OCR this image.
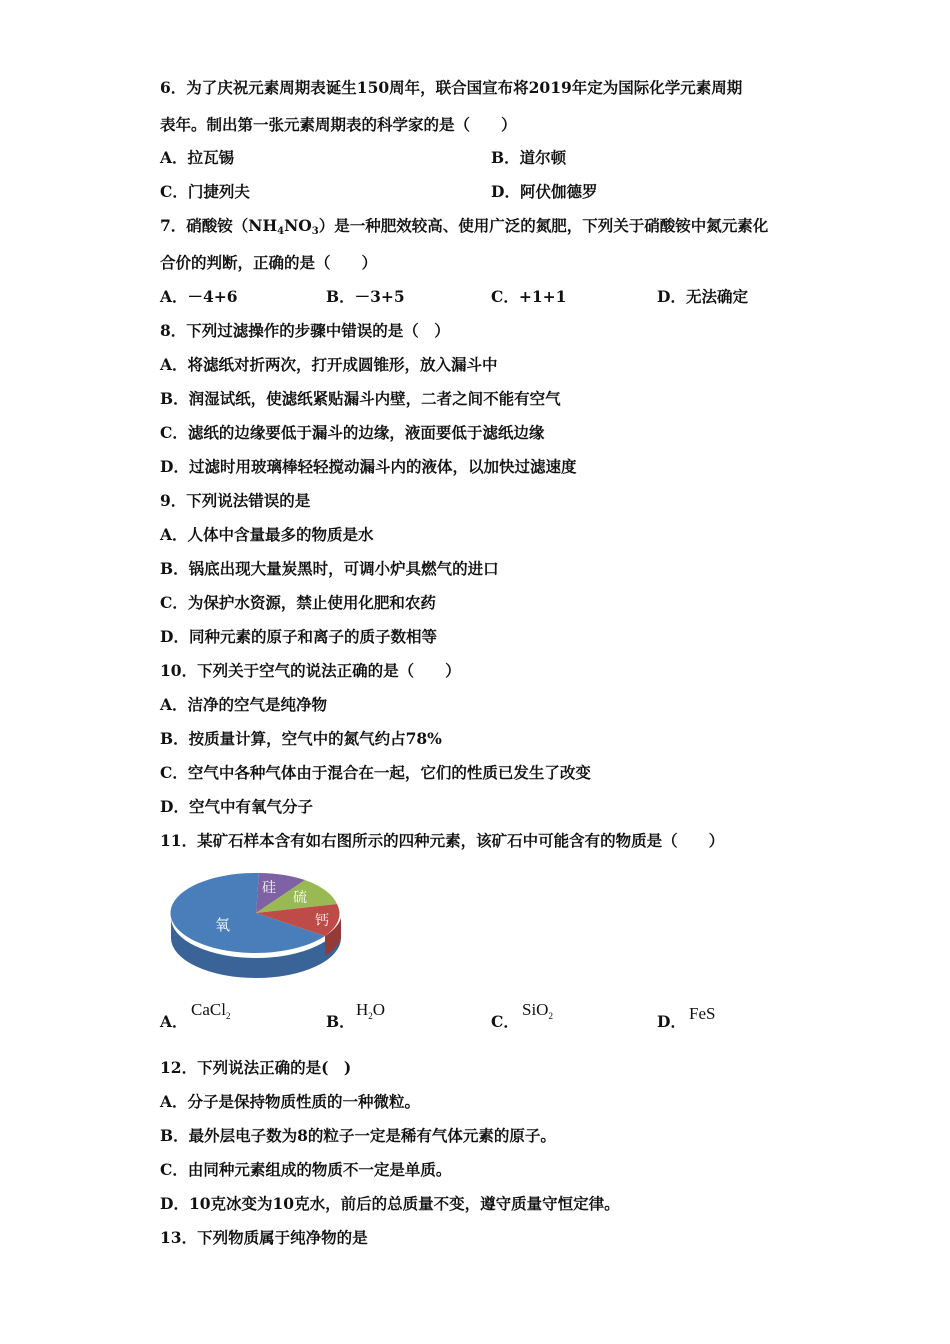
6．为了庆祝元素周期表诞生150周年，联合国宣布将2019年定为国际化学元素周期
表年。制出第一张元素周期表的科学家的是（　　）
A．拉瓦锡	B．道尔顿
C．门捷列夫	D．阿伏伽德罗
7．硝酸铵$(NH_4NO_3)$是一种肥效较高、使用广泛的氮肥，下列关于硝酸铵中氮元素化
合价的判断，正确的是（　　）
A．－4+6	B．－3+5	C．+1+1	D．无法确定
8．下列过滤操作的步骤中错误的是（　）
A．将滤纸对折两次，打开成圆锥形，放入漏斗中
B．润湿试纸，使滤纸紧贴漏斗内壁，二者之间不能有空气
C．滤纸的边缘要低于漏斗的边缘，液面要低于滤纸边缘
D．过滤时用玻璃棒轻轻搅动漏斗内的液体，以加快过滤速度
9．下列说法错误的是
A．人体中含量最多的物质是水
B．锅底出现大量炭黑时，可调小炉具燃气的进口
C．为保护水资源，禁止使用化肥和农药
D．同种元素的原子和离子的质子数相等
10．下列关于空气的说法正确的是（　　）
A．洁净的空气是纯净物
B．按质量计算，空气中的氮气约占78%
C．空气中各种气体由于混合在一起，它们的性质已发生了改变
D．空气中有氧气分子
11．某矿石样本含有如右图所示的四种元素，该矿石中可能含有的物质是（　　）
硅
硫
钙
氧
A．
CaCl$_2$	B．
$H_2O$
C．
SiO$_2$	D． FeS
12．下列说法正确的是(　)
A．分子是保持物质性质的一种微粒。
B．最外层电子数为8的粒子一定是稀有气体元素的原子。
C．由同种元素组成的物质不一定是单质。
D．10克冰变为10克水，前后的总质量不变，遵守质量守恒定律。
13．下列物质属于纯净物的是
